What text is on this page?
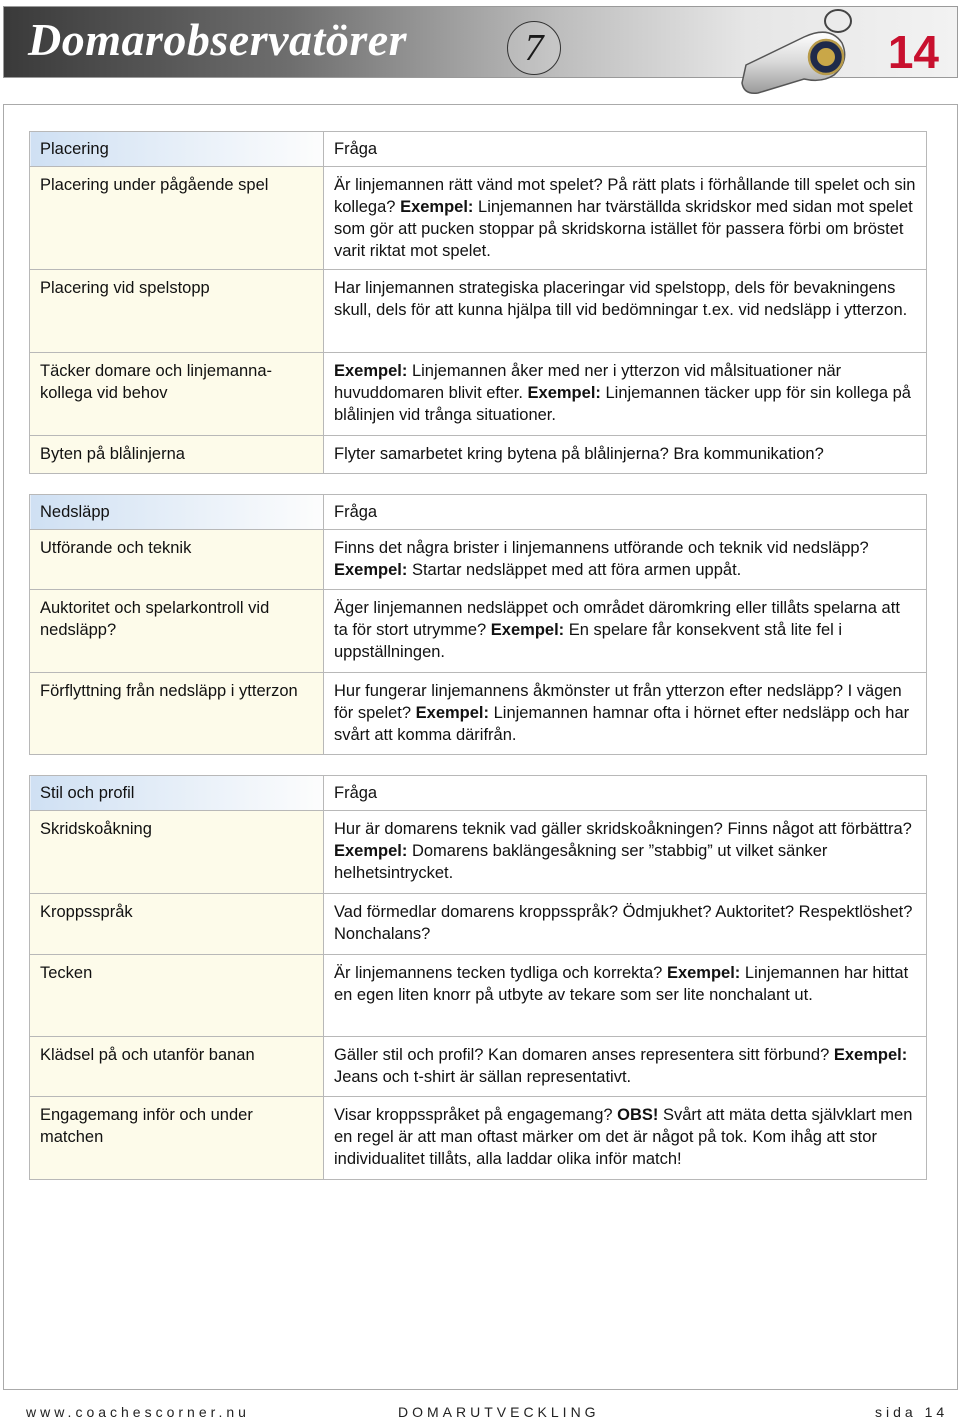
Domarobservatörer	7	14
Placering	Fråga
Placering under pågående spel	Är linjemannen rätt vänd mot spelet? På rätt plats i förhållande till spelet och sin kollega? Exempel: Linjemannen har tvärställda skridskor med sidan mot spelet som gör att pucken stoppar på skridskorna istället för passera förbi om bröstet varit riktat mot spelet.
Placering vid spelstopp	Har linjemannen strategiska placeringar vid spelstopp, dels för bevakningens skull, dels för att kunna hjälpa till vid bedömningar t.ex. vid nedsläpp i ytterzon.
Täcker domare och linjemanna-kollega vid behov	Exempel: Linjemannen åker med ner i ytterzon vid målsituationer när huvuddomaren blivit efter. Exempel: Linjemannen täcker upp för sin kollega på blålinjen vid trånga situationer.
Byten på blålinjerna	Flyter samarbetet kring bytena på blålinjerna? Bra kommunikation?
Nedsläpp	Fråga
Utförande och teknik	Finns det några brister i linjemannens utförande och teknik vid nedsläpp? Exempel: Startar nedsläppet med att föra armen uppåt.
Auktoritet och spelarkontroll vid nedsläpp?	Äger linjemannen nedsläppet och området däromkring eller tillåts spelarna att ta för stort utrymme? Exempel: En spelare får konsekvent stå lite fel i uppställningen.
Förflyttning från nedsläpp i ytterzon	Hur fungerar linjemannens åkmönster ut från ytterzon efter nedsläpp? I vägen för spelet? Exempel: Linjemannen hamnar ofta i hörnet efter nedsläpp och har svårt att komma därifrån.
Stil och profil	Fråga
Skridskoåkning	Hur är domarens teknik vad gäller skridskoåkningen? Finns något att förbättra? Exempel: Domarens baklängesåkning ser ”stabbig” ut vilket sänker helhetsintrycket.
Kroppsspråk	Vad förmedlar domarens kroppsspråk? Ödmjukhet? Auktoritet? Respektlöshet? Nonchalans?
Tecken	Är linjemannens tecken tydliga och korrekta? Exempel: Linjemannen har hittat en egen liten knorr på utbyte av tekare som ser lite nonchalant ut.
Klädsel på och utanför banan	Gäller stil och profil? Kan domaren anses representera sitt förbund? Exempel: Jeans och t-shirt är sällan representativt.
Engagemang inför och under matchen	Visar kroppsspråket på engagemang? OBS! Svårt att mäta detta självklart men en regel är att man oftast märker om det är något på tok. Kom ihåg att stor individualitet tillåts, alla laddar olika inför match!
www.coachescorner.nu	DOMARUTVECKLING	sida 14
